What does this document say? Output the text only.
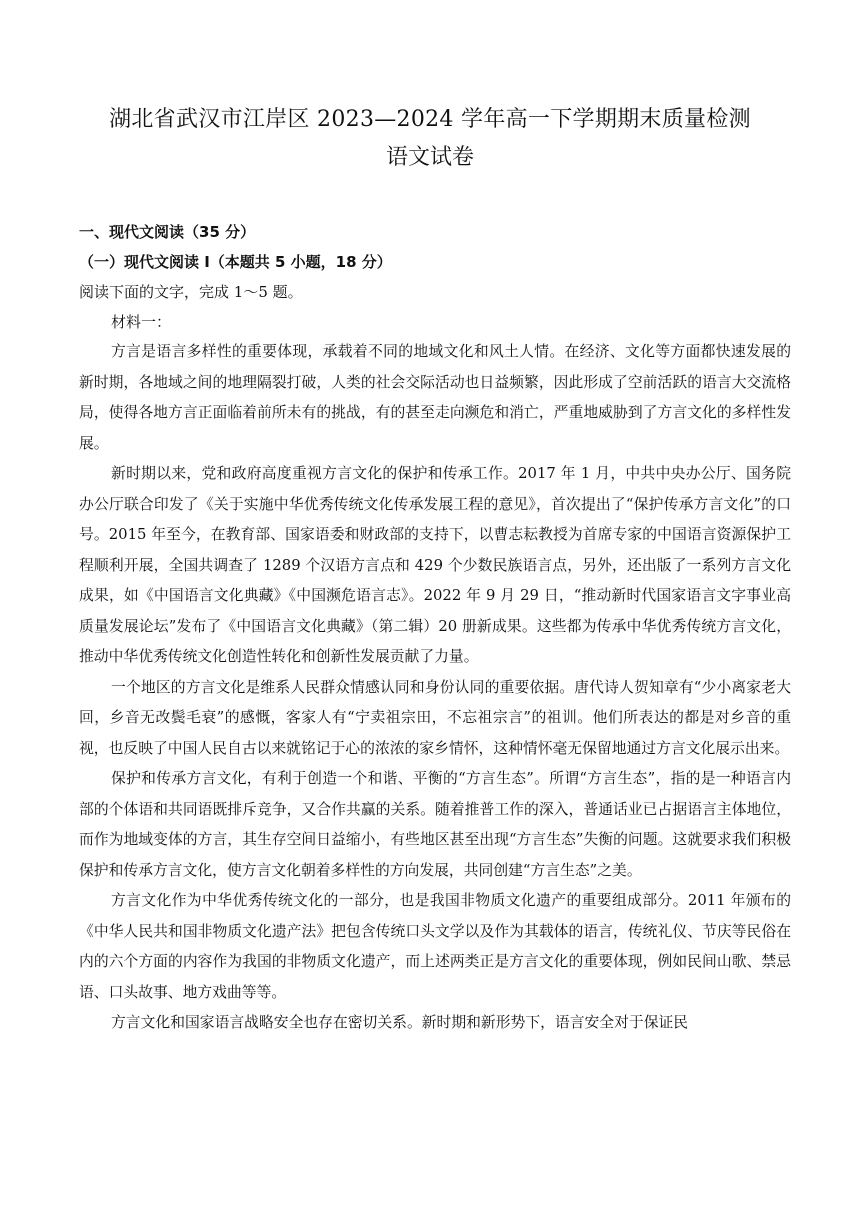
湖北省武汉市江岸区 2023—2024 学年高一下学期期末质量检测
语文试卷

一、现代文阅读（35 分）

（一）现代文阅读 I（本题共 5 小题，18 分）

阅读下面的文字，完成 1～5 题。

材料一：

方言是语言多样性的重要体现，承载着不同的地域文化和风土人情。在经济、文化等方面都快速发展的新时期，各地域之间的地理隔裂打破，人类的社会交际活动也日益频繁，因此形成了空前活跃的语言大交流格局，使得各地方言正面临着前所未有的挑战，有的甚至走向濒危和消亡，严重地威胁到了方言文化的多样性发展。

新时期以来，党和政府高度重视方言文化的保护和传承工作。2017 年 1 月，中共中央办公厅、国务院办公厅联合印发了《关于实施中华优秀传统文化传承发展工程的意见》，首次提出了“保护传承方言文化”的口号。2015 年至今，在教育部、国家语委和财政部的支持下，以曹志耘教授为首席专家的中国语言资源保护工程顺利开展，全国共调查了 1289 个汉语方言点和 429 个少数民族语言点，另外，还出版了一系列方言文化成果，如《中国语言文化典藏》《中国濒危语言志》。2022 年 9 月 29 日，“推动新时代国家语言文字事业高质量发展论坛”发布了《中国语言文化典藏》（第二辑）20 册新成果。这些都为传承中华优秀传统方言文化，推动中华优秀传统文化创造性转化和创新性发展贡献了力量。

一个地区的方言文化是维系人民群众情感认同和身份认同的重要依据。唐代诗人贺知章有“少小离家老大回，乡音无改鬓毛衰”的感慨，客家人有“宁卖祖宗田，不忘祖宗言”的祖训。他们所表达的都是对乡音的重视，也反映了中国人民自古以来就铭记于心的浓浓的家乡情怀，这种情怀毫无保留地通过方言文化展示出来。

保护和传承方言文化，有利于创造一个和谐、平衡的“方言生态”。所谓“方言生态”，指的是一种语言内部的个体语和共同语既排斥竞争，又合作共赢的关系。随着推普工作的深入，普通话业已占据语言主体地位，而作为地域变体的方言，其生存空间日益缩小，有些地区甚至出现“方言生态”失衡的问题。这就要求我们积极保护和传承方言文化，使方言文化朝着多样性的方向发展，共同创建“方言生态”之美。

方言文化作为中华优秀传统文化的一部分，也是我国非物质文化遗产的重要组成部分。2011 年颁布的《中华人民共和国非物质文化遗产法》把包含传统口头文学以及作为其载体的语言，传统礼仪、节庆等民俗在内的六个方面的内容作为我国的非物质文化遗产，而上述两类正是方言文化的重要体现，例如民间山歌、禁忌语、口头故事、地方戏曲等等。

方言文化和国家语言战略安全也存在密切关系。新时期和新形势下，语言安全对于保证民
